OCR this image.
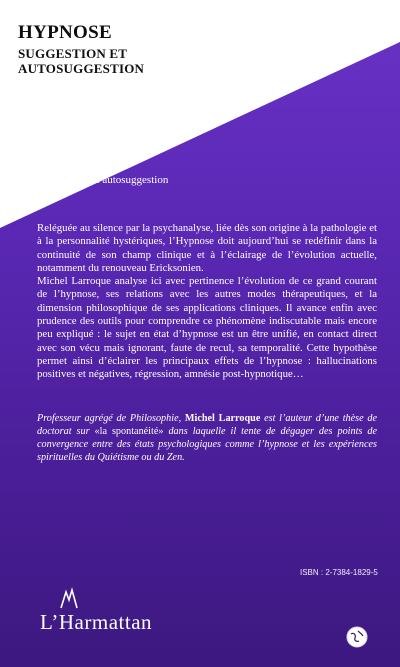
HYPNOSE
SUGGESTION ET
AUTOSUGGESTION
HYPNOSE
Suggestion et autosuggestion

Reléguée au silence par la psychanalyse, liée dès son origine à la pathologie et à la personnalité hystériques, l’Hypnose doit aujourd’hui se redéfinir dans la continuité de son champ clinique et à l’éclairage de l’évolution actuelle, notamment du renouveau Ericksonien.

Michel Larroque analyse ici avec pertinence l’évolution de ce grand courant de l’hypnose, ses relations avec les autres modes thérapeutiques, et la dimension philosophique de ses applications cliniques. Il avance enfin avec prudence des outils pour comprendre ce phénomène indiscutable mais encore peu expliqué : le sujet en état d’hypnose est un être unifié, en contact direct avec son vécu mais ignorant, faute de recul, sa temporalité. Cette hypothèse permet ainsi d’éclairer les principaux effets de l’hypnose : hallucinations positives et négatives, régression, amnésie post-hypnotique…

Professeur agrégé de Philosophie, Michel Larroque est l’auteur d’une thèse de doctorat sur «la spontanéité» dans laquelle il tente de dégager des points de convergence entre des états psychologiques comme l’hypnose et les expériences spirituelles du Quiétisme ou du Zen.

ISBN : 2-7384-1829-5
L’Harmattan
